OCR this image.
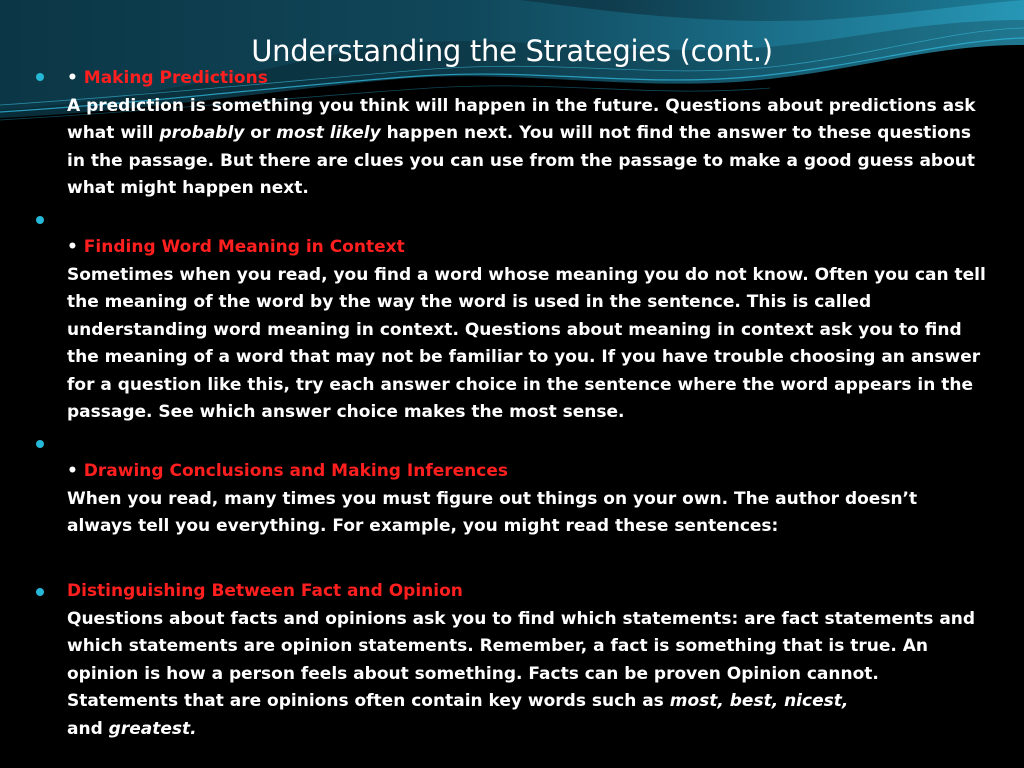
Understanding the Strategies (cont.)
• Making Predictions
A prediction is something you think will happen in the future. Questions about predictions ask what will probably or most likely happen next. You will not find the answer to these questions in the passage. But there are clues you can use from the passage to make a good guess about what might happen next.
• Finding Word Meaning in Context
Sometimes when you read, you find a word whose meaning you do not know. Often you can tell the meaning of the word by the way the word is used in the sentence. This is called understanding word meaning in context. Questions about meaning in context ask you to find the meaning of a word that may not be familiar to you. If you have trouble choosing an answer for a question like this, try each answer choice in the sentence where the word appears in the passage. See which answer choice makes the most sense.
• Drawing Conclusions and Making Inferences
When you read, many times you must figure out things on your own. The author doesn’t always tell you everything. For example, you might read these sentences:
Distinguishing Between Fact and Opinion
Questions about facts and opinions ask you to find which statements: are fact statements and which statements are opinion statements. Remember, a fact is something that is true. An opinion is how a person feels about something. Facts can be proven Opinion cannot. Statements that are opinions often contain key words such as most, best, nicest,
and greatest.
